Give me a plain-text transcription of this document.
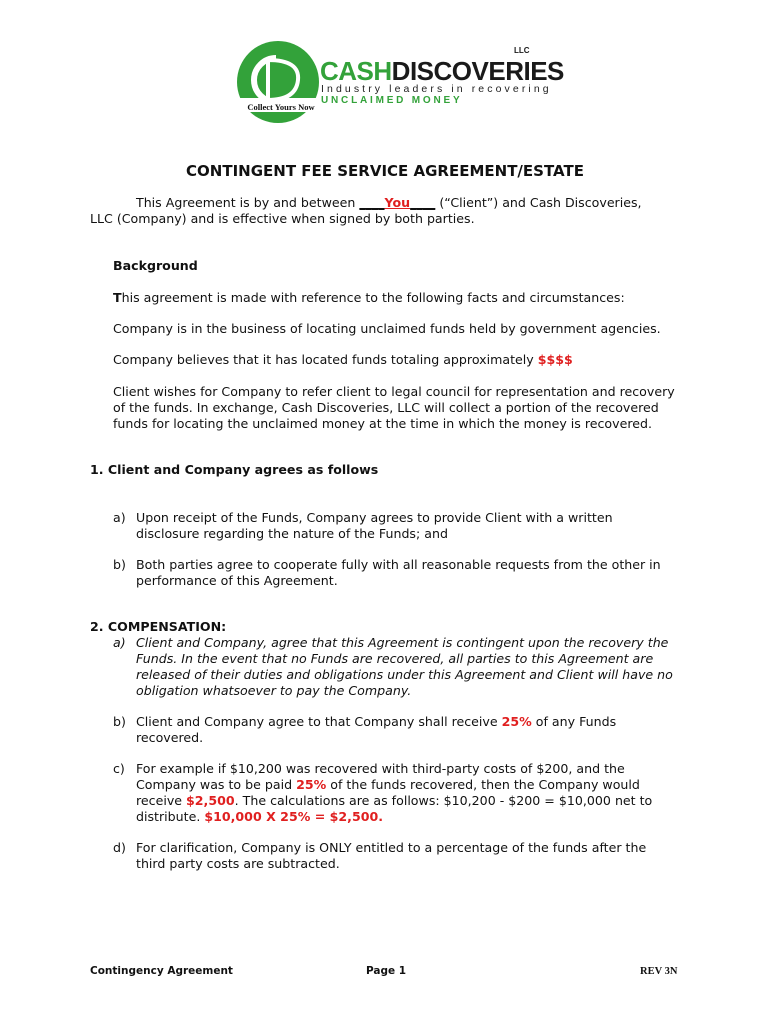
CASHDISCOVERIES
LLC
Industry leaders in recovering
UNCLAIMED MONEY
Collect Yours Now
CONTINGENT FEE SERVICE AGREEMENT/ESTATE
This Agreement is by and between ____You____ (“Client”) and Cash Discoveries,
LLC (Company) and is effective when signed by both parties.
Background
This agreement is made with reference to the following facts and circumstances:
Company is in the business of locating unclaimed funds held by government agencies.
Company believes that it has located funds totaling approximately $$$$
Client wishes for Company to refer client to legal council for representation and recovery
of the funds. In exchange, Cash Discoveries, LLC will collect a portion of the recovered
funds for locating the unclaimed money at the time in which the money is recovered.
1. Client and Company agrees as follows
a) Upon receipt of the Funds, Company agrees to provide Client with a written
disclosure regarding the nature of the Funds; and
b) Both parties agree to cooperate fully with all reasonable requests from the other in
performance of this Agreement.
2. COMPENSATION:
a) Client and Company, agree that this Agreement is contingent upon the recovery the
Funds. In the event that no Funds are recovered, all parties to this Agreement are
released of their duties and obligations under this Agreement and Client will have no
obligation whatsoever to pay the Company.
b) Client and Company agree to that Company shall receive 25% of any Funds
recovered.
c) For example if $10,200 was recovered with third-party costs of $200, and the
Company was to be paid 25% of the funds recovered, then the Company would
receive $2,500. The calculations are as follows: $10,200 - $200 = $10,000 net to
distribute. $10,000 X 25% = $2,500.
d) For clarification, Company is ONLY entitled to a percentage of the funds after the
third party costs are subtracted.
Contingency Agreement	Page 1	REV 3N
